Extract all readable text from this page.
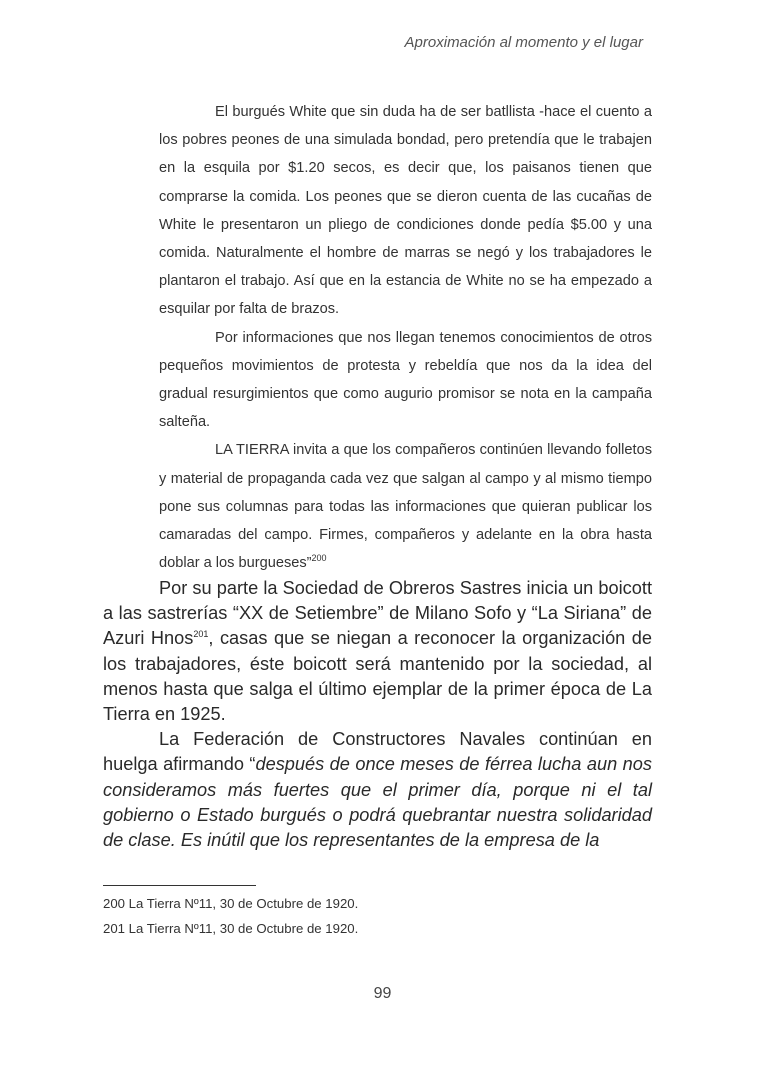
Aproximación al momento y el lugar

El burgués White que sin duda ha de ser batllista -hace el cuento a los pobres peones de una simulada bondad, pero pretendía que le trabajen en la esquila por $1.20 secos, es decir que, los paisanos tienen que comprarse la comida. Los peones que se dieron cuenta de las cucañas de White le presentaron un pliego de condiciones donde pedía $5.00 y una comida. Naturalmente el hombre de marras se negó y los trabajadores le plantaron el trabajo. Así que en la estancia de White no se ha empezado a esquilar por falta de brazos.

Por informaciones que nos llegan tenemos conocimientos de otros pequeños movimientos de protesta y rebeldía que nos da la idea del gradual resurgimientos que como augurio promisor se nota en la campaña salteña.

LA TIERRA invita a que los compañeros continúen llevando folletos y material de propaganda cada vez que salgan al campo y al mismo tiempo pone sus columnas para todas las informaciones que quieran publicar los camaradas del campo. Firmes, compañeros y adelante en la obra hasta doblar a los burgueses”$^{200}$

Por su parte la Sociedad de Obreros Sastres inicia un boicott a las sastrerías “XX de Setiembre” de Milano Sofo y “La Siriana” de Azuri Hnos$^{201}$, casas que se niegan a reconocer la organización de los trabajadores, éste boicott será mantenido por la sociedad, al menos hasta que salga el último ejemplar de la primer época de La Tierra en 1925.

La Federación de Constructores Navales continúan en huelga afirmando “después de once meses de férrea lucha aun nos consideramos más fuertes que el primer día, porque ni el tal gobierno o Estado burgués o podrá quebrantar nuestra solidaridad de clase. Es inútil que los representantes de la empresa de la

200 La Tierra Nº11, 30 de Octubre de 1920.
201 La Tierra Nº11, 30 de Octubre de 1920.
99
